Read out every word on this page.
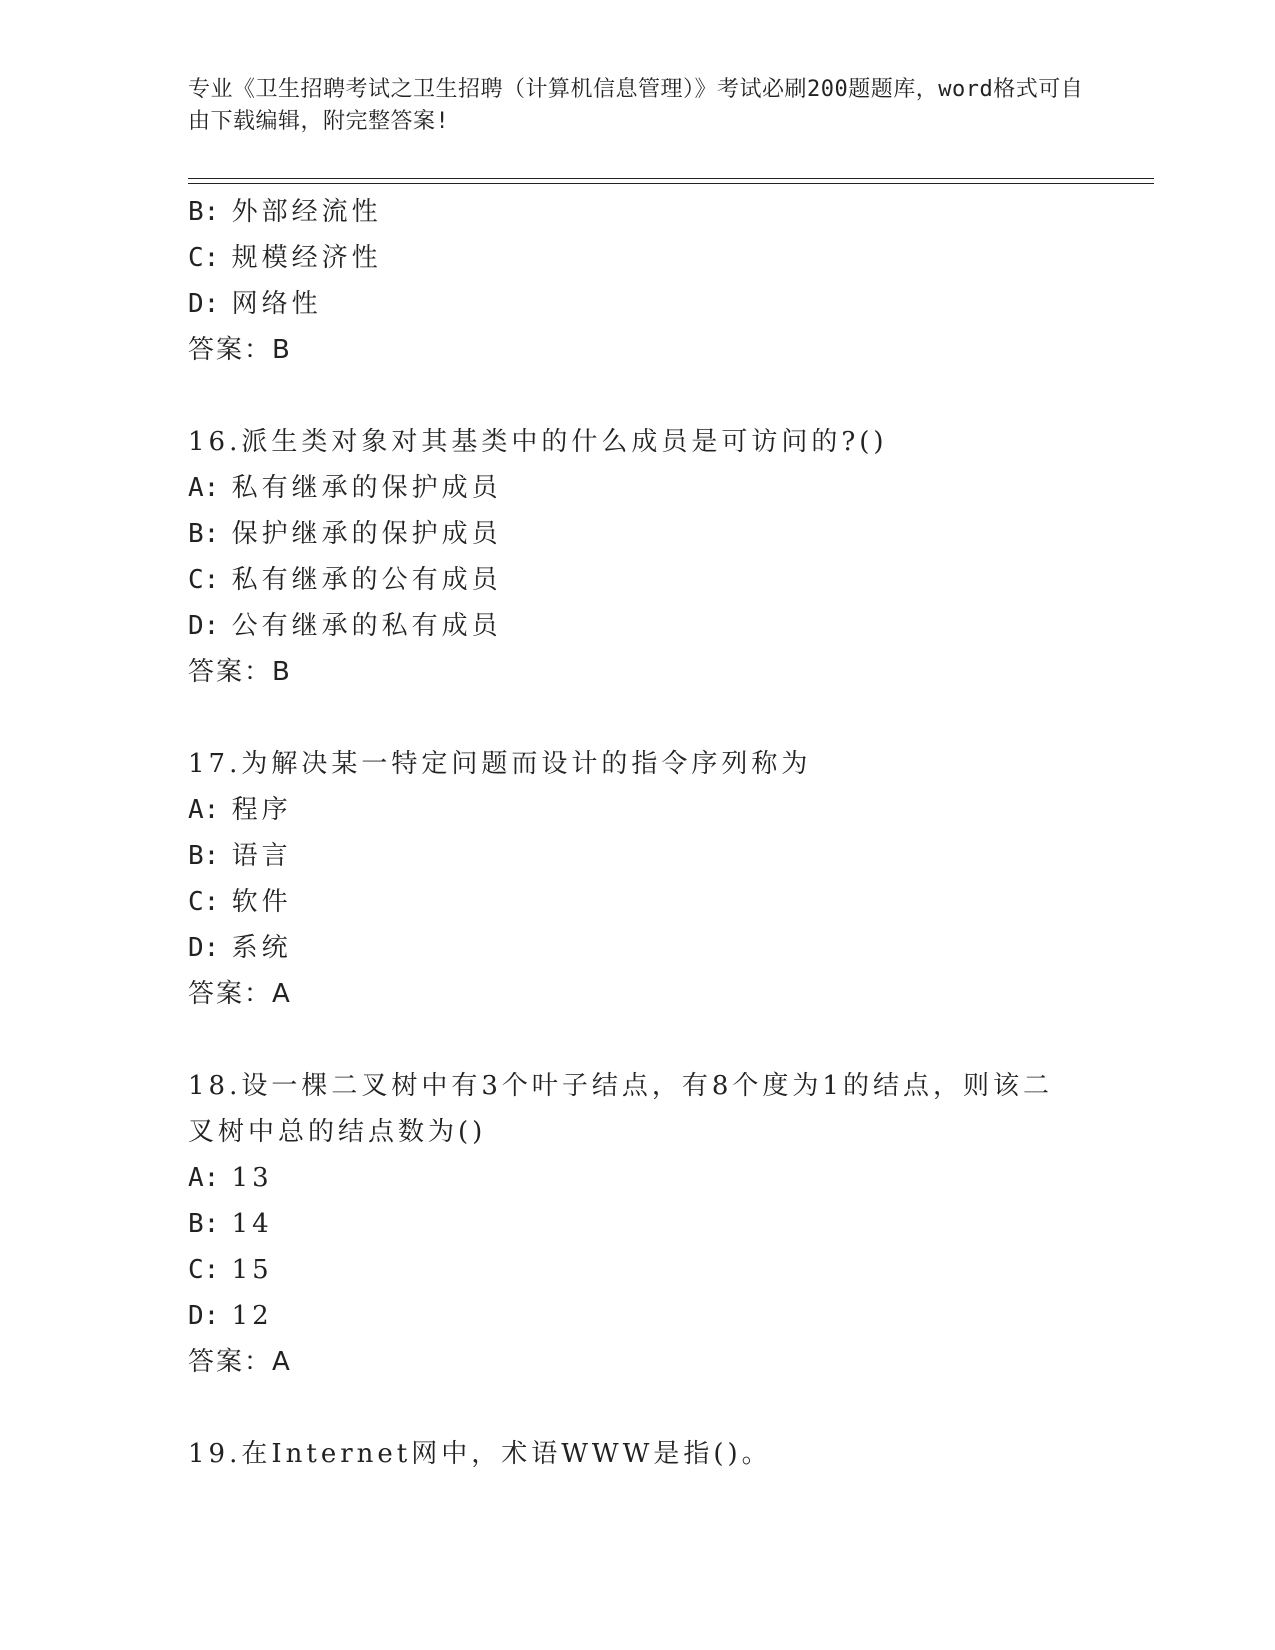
专业《卫生招聘考试之卫生招聘（计算机信息管理）》考试必刷200题题库，word格式可自由下载编辑，附完整答案!
B: 外部经流性
C: 规模经济性
D: 网络性
答案：B
16.派生类对象对其基类中的什么成员是可访问的?()
A: 私有继承的保护成员
B: 保护继承的保护成员
C: 私有继承的公有成员
D: 公有继承的私有成员
答案：B
17.为解决某一特定问题而设计的指令序列称为
A: 程序
B: 语言
C: 软件
D: 系统
答案：A
18.设一棵二叉树中有3个叶子结点，有8个度为1的结点，则该二叉树中总的结点数为()
A: 13
B: 14
C: 15
D: 12
答案：A
19.在Internet网中，术语WWW是指()。
